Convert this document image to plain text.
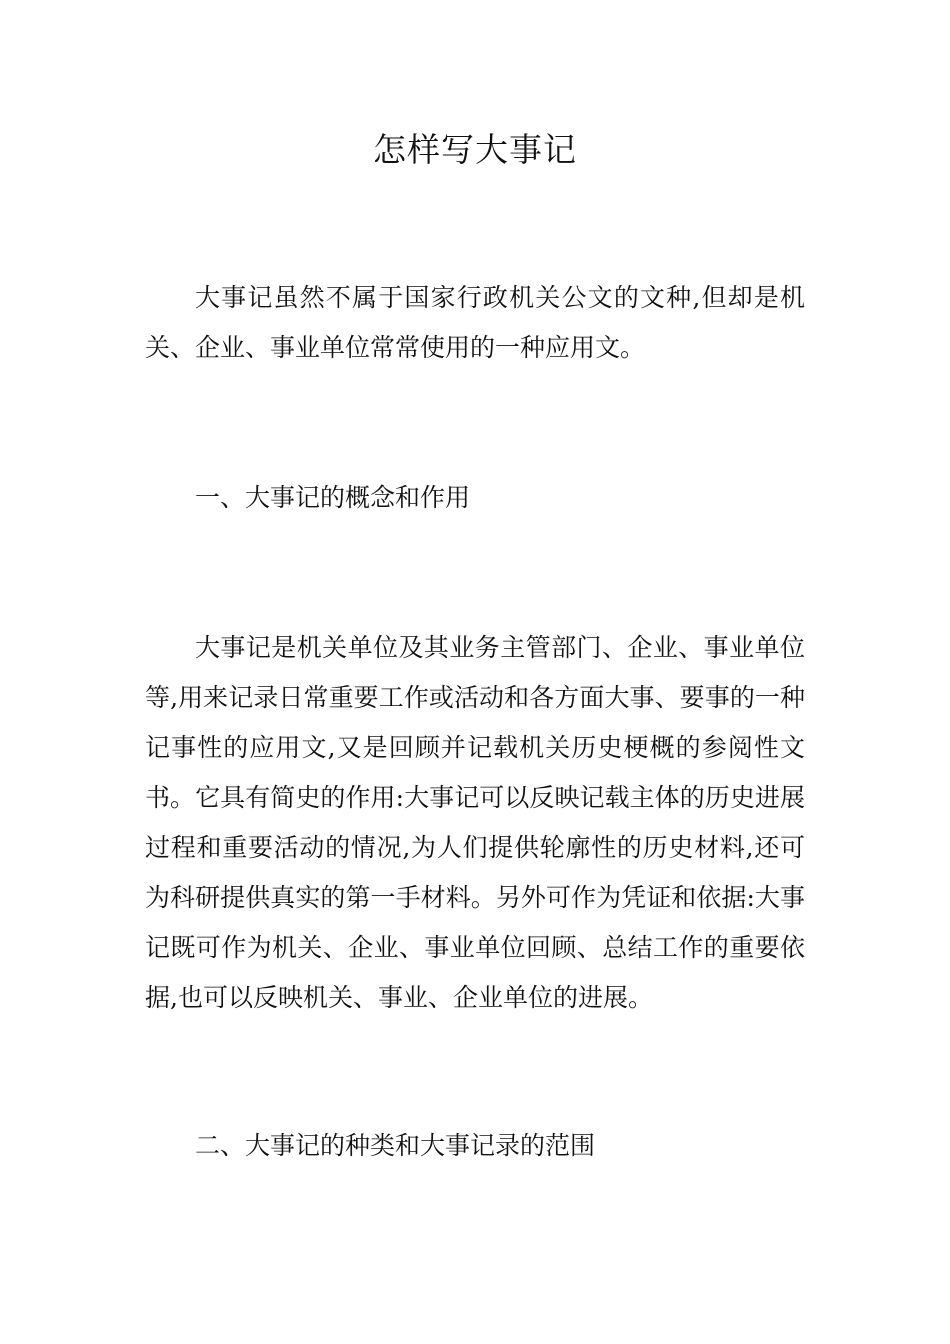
怎样写大事记

大事记虽然不属于国家行政机关公文的文种,但却是机关、企业、事业单位常常使用的一种应用文。

一、大事记的概念和作用

大事记是机关单位及其业务主管部门、企业、事业单位等,用来记录日常重要工作或活动和各方面大事、要事的一种记事性的应用文,又是回顾并记载机关历史梗概的参阅性文书。它具有简史的作用:大事记可以反映记载主体的历史进展过程和重要活动的情况,为人们提供轮廓性的历史材料,还可为科研提供真实的第一手材料。另外可作为凭证和依据:大事记既可作为机关、企业、事业单位回顾、总结工作的重要依据,也可以反映机关、事业、企业单位的进展。

二、大事记的种类和大事记录的范围
